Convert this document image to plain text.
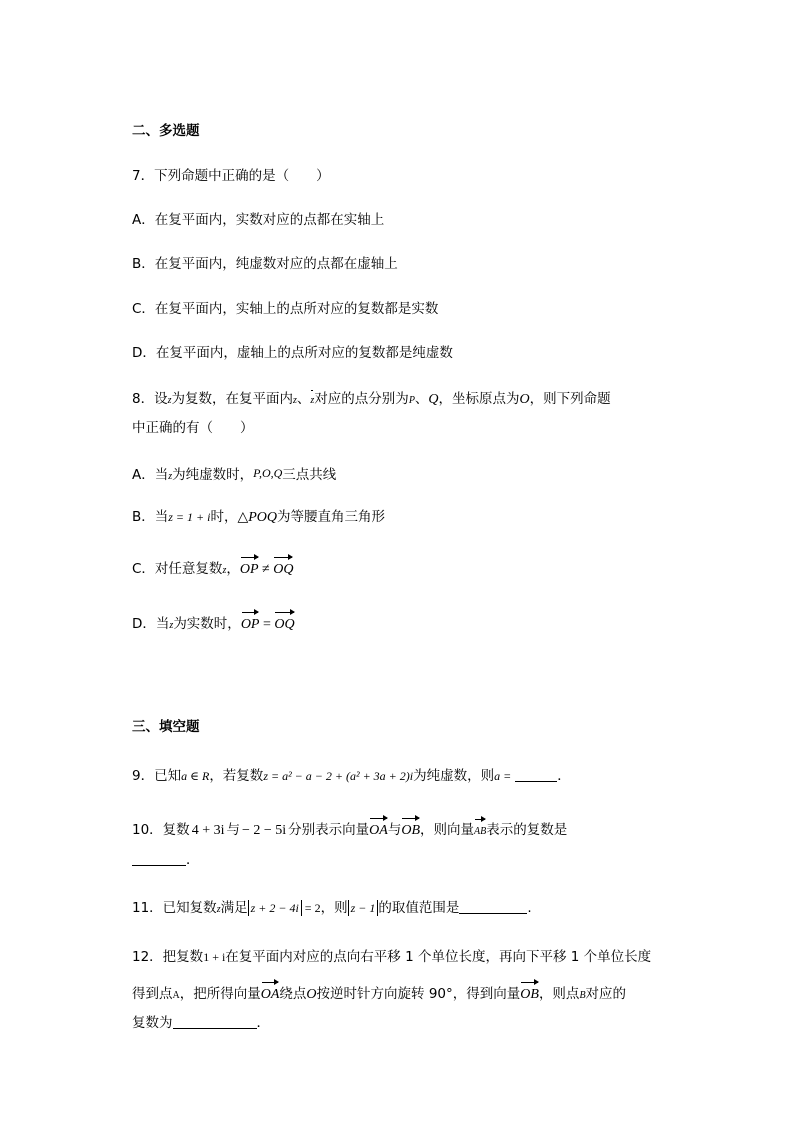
二、多选题
7．下列命题中正确的是（　　）
A．在复平面内，实数对应的点都在实轴上
B．在复平面内，纯虚数对应的点都在虚轴上
C．在复平面内，实轴上的点所对应的复数都是实数
D．在复平面内，虚轴上的点所对应的复数都是纯虚数
8．设z为复数，在复平面内z、z对应的点分别为P、Q，坐标原点为O，则下列命题
中正确的有（　　）
A．当z为纯虚数时，P,O,Q三点共线
B．当z = 1 + i时，△POQ为等腰直角三角形
C．对任意复数z，OP ≠ OQ
D．当z为实数时，OP = OQ
三、填空题
9．已知a ∈ R，若复数z = a² − a − 2 + (a² + 3a + 2)i为纯虚数，则a =	．
10．复数 4 + 3i 与 − 2 − 5i 分别表示向量OA与OB，则向量AB表示的复数是
．
11．已知复数z满足 z + 2 − 4i = 2，则 z − 1 的取值范围是	.
12．把复数1 + i在复平面内对应的点向右平移 1 个单位长度，再向下平移 1 个单位长度
得到点A，把所得向量OA绕点O按逆时针方向旋转 90°，得到向量OB，则点B对应的
复数为	．
